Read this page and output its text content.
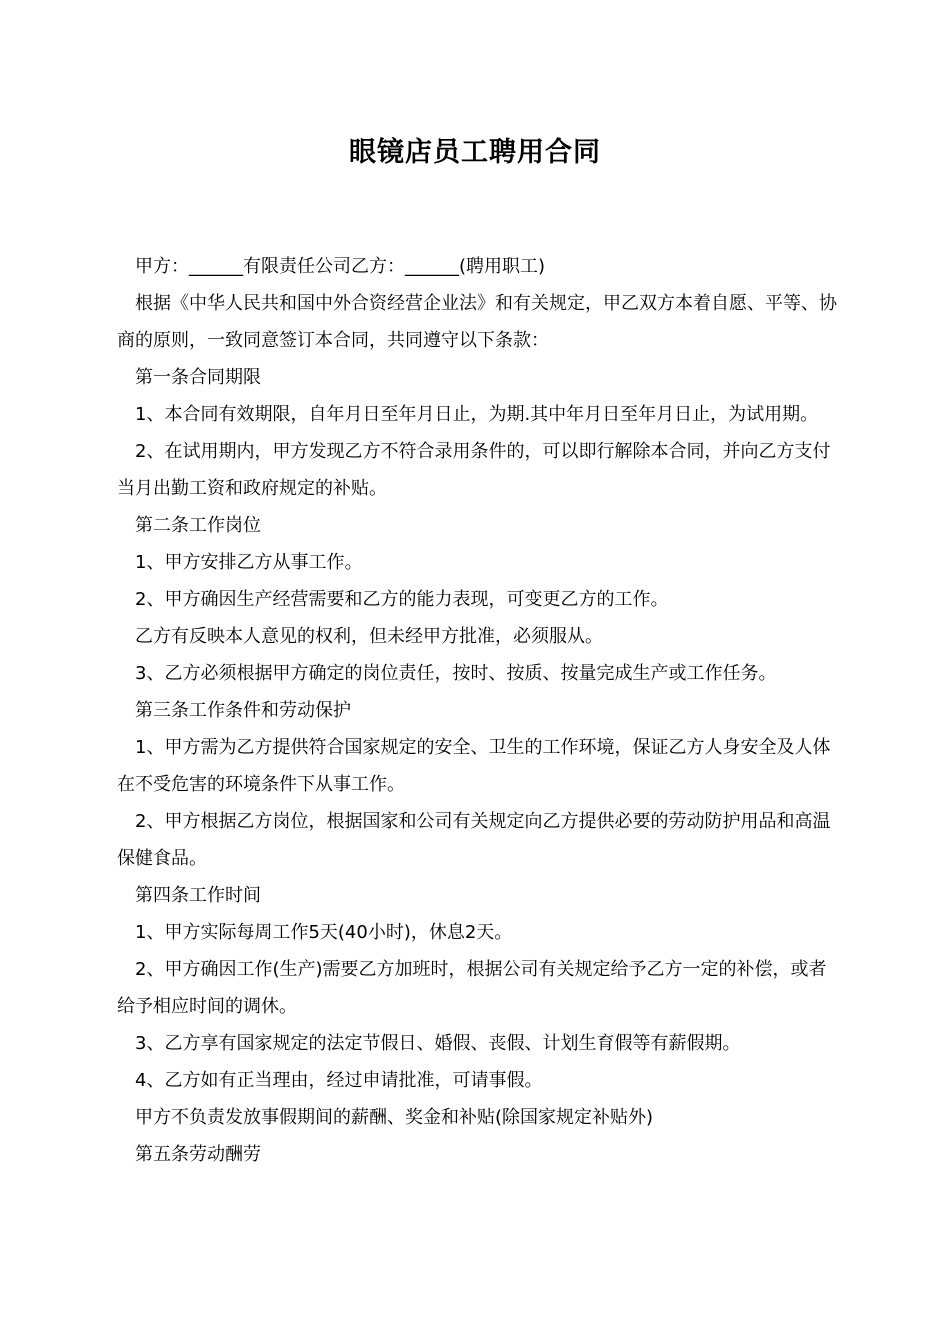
眼镜店员工聘用合同

甲方：______有限责任公司乙方：______(聘用职工)

根据《中华人民共和国中外合资经营企业法》和有关规定，甲乙双方本着自愿、平等、协商的原则，一致同意签订本合同，共同遵守以下条款：

第一条合同期限

1、本合同有效期限，自年月日至年月日止，为期.其中年月日至年月日止，为试用期。

2、在试用期内，甲方发现乙方不符合录用条件的，可以即行解除本合同，并向乙方支付当月出勤工资和政府规定的补贴。

第二条工作岗位

1、甲方安排乙方从事工作。

2、甲方确因生产经营需要和乙方的能力表现，可变更乙方的工作。

乙方有反映本人意见的权利，但未经甲方批准，必须服从。

3、乙方必须根据甲方确定的岗位责任，按时、按质、按量完成生产或工作任务。

第三条工作条件和劳动保护

1、甲方需为乙方提供符合国家规定的安全、卫生的工作环境，保证乙方人身安全及人体在不受危害的环境条件下从事工作。

2、甲方根据乙方岗位，根据国家和公司有关规定向乙方提供必要的劳动防护用品和高温保健食品。

第四条工作时间

1、甲方实际每周工作5天(40小时)，休息2天。

2、甲方确因工作(生产)需要乙方加班时，根据公司有关规定给予乙方一定的补偿，或者给予相应时间的调休。

3、乙方享有国家规定的法定节假日、婚假、丧假、计划生育假等有薪假期。

4、乙方如有正当理由，经过申请批准，可请事假。

甲方不负责发放事假期间的薪酬、奖金和补贴(除国家规定补贴外)

第五条劳动酬劳
